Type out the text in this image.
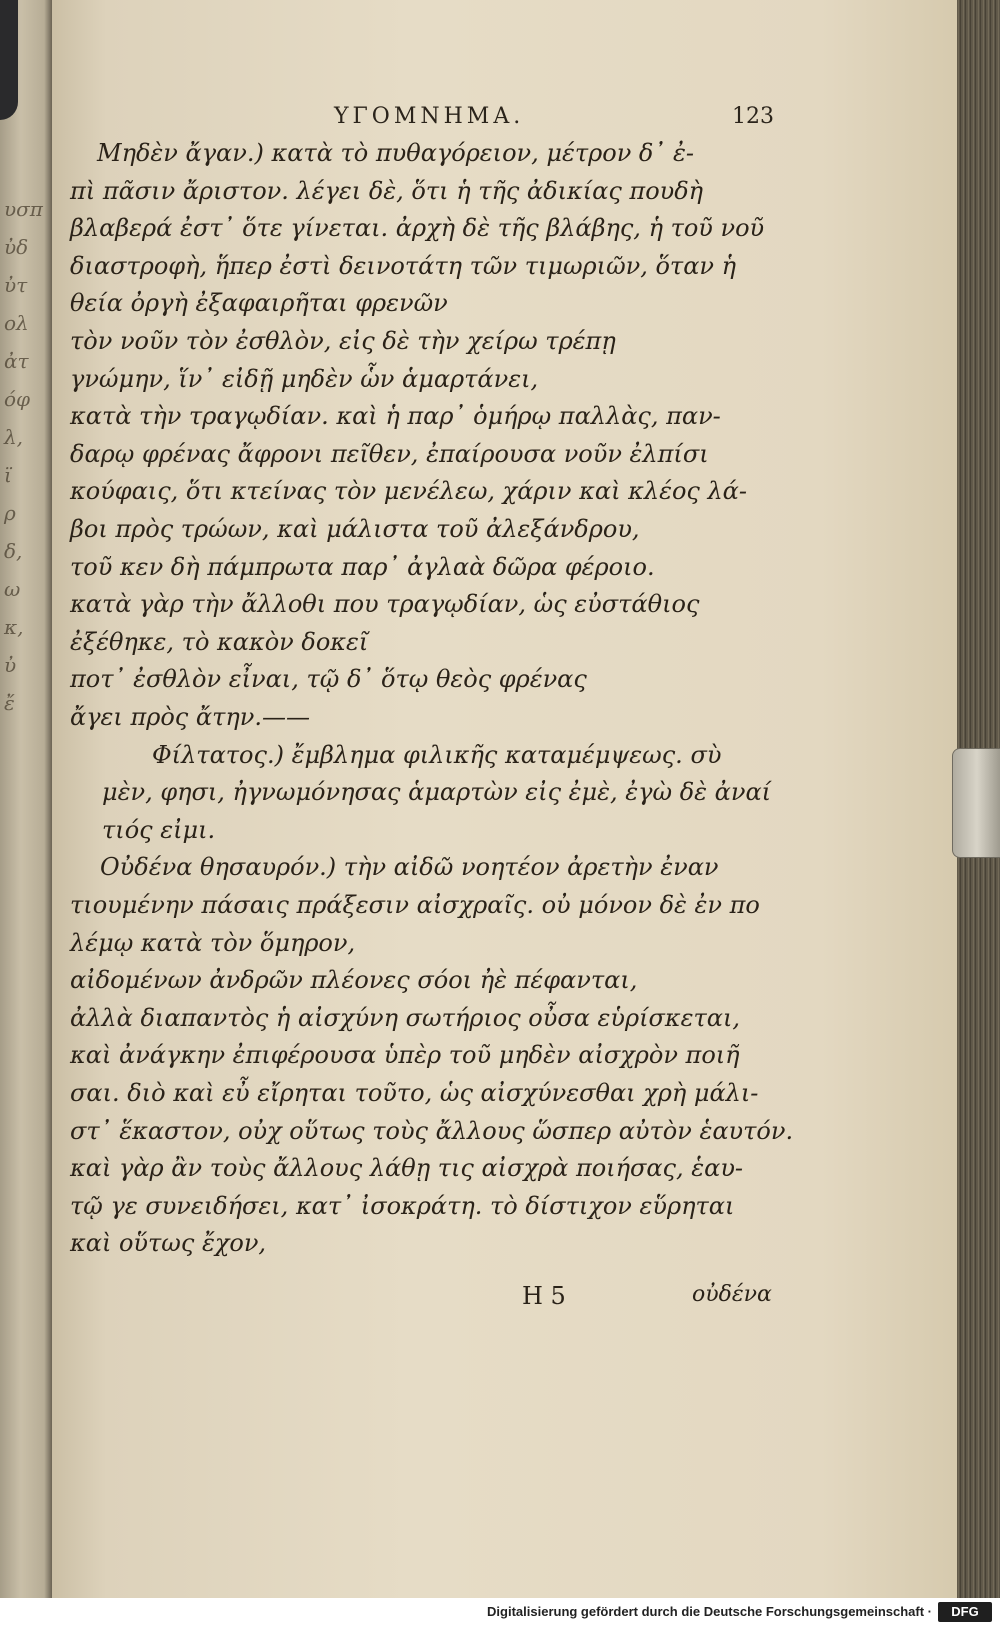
υσπ
ὐδ
ὐτ
ολ
ἀτ
όφ
λ,
ϊ
ρ
δ,
ω
κ,
ὐ
ἔ
ΥΓΟΜΝΗΜΑ.	123
Μηδὲν ἄγαν.) κατὰ τὸ πυθαγόρειον, μέτρον δ᾽ ἐ-
πὶ πᾶσιν ἄριστον. λέγει δὲ, ὅτι ἡ τῆς ἀδικίας πουδὴ
βλαβερά ἐστ᾽ ὅτε γίνεται. ἀρχὴ δὲ τῆς βλάβης, ἡ τοῦ νοῦ
διαστροφὴ, ἥπερ ἐστὶ δεινοτάτη τῶν τιμωριῶν, ὅταν ἡ
θεία ὀργὴ ἐξαφαιρῆται φρενῶν
τὸν νοῦν τὸν ἐσθλὸν, εἰς δὲ τὴν χείρω τρέπῃ
γνώμην, ἵν᾽ εἰδῇ μηδὲν ὧν ἁμαρτάνει,
κατὰ τὴν τραγῳδίαν. καὶ ἡ παρ᾽ ὁμήρῳ παλλὰς, παν-
δαρῳ φρένας ἄφρονι πεῖθεν, ἐπαίρουσα νοῦν ἐλπίσι
κούφαις, ὅτι κτείνας τὸν μενέλεω, χάριν καὶ κλέος λά-
βοι πρὸς τρώων, καὶ μάλιστα τοῦ ἀλεξάνδρου,
τοῦ κεν δὴ πάμπρωτα παρ᾽ ἀγλαὰ δῶρα φέροιο.
κατὰ γὰρ τὴν ἄλλοθι που τραγῳδίαν, ὡς εὐστάθιος
ἐξέθηκε, τὸ κακὸν δοκεῖ
ποτ᾽ ἐσθλὸν εἶναι, τῷ δ᾽ ὅτῳ θεὸς φρένας
ἄγει πρὸς ἄτην.——
Φίλτατος.) ἔμβλημα φιλικῆς καταμέμψεως. σὺ
μὲν, φησι, ἠγνωμόνησας ἁμαρτὼν εἰς ἐμὲ, ἐγὼ δὲ ἀναί
τιός εἰμι.
Οὐδένα θησαυρόν.) τὴν αἰδῶ νοητέον ἀρετὴν ἐναν
τιουμένην πάσαις πράξεσιν αἰσχραῖς. οὐ μόνον δὲ ἐν πο
λέμῳ κατὰ τὸν ὅμηρον,
αἰδομένων ἀνδρῶν πλέονες σόοι ἠὲ πέφανται,
ἀλλὰ διαπαντὸς ἡ αἰσχύνη σωτήριος οὖσα εὑρίσκεται,
καὶ ἀνάγκην ἐπιφέρουσα ὑπὲρ τοῦ μηδὲν αἰσχρὸν ποιῆ
σαι. διὸ καὶ εὖ εἴρηται τοῦτο, ὡς αἰσχύνεσθαι χρὴ μάλι-
στ᾽ ἕκαστον, οὐχ οὕτως τοὺς ἄλλους ὥσπερ αὐτὸν ἑαυτόν.
καὶ γὰρ ἂν τοὺς ἄλλους λάθῃ τις αἰσχρὰ ποιήσας, ἑαυ-
τῷ γε συνειδήσει, κατ᾽ ἰσοκράτη. τὸ δίστιχον εὕρηται
καὶ οὕτως ἔχον,
H 5	οὐδένα
Digitalisierung gefördert durch die Deutsche Forschungsgemeinschaft ·	DFG
